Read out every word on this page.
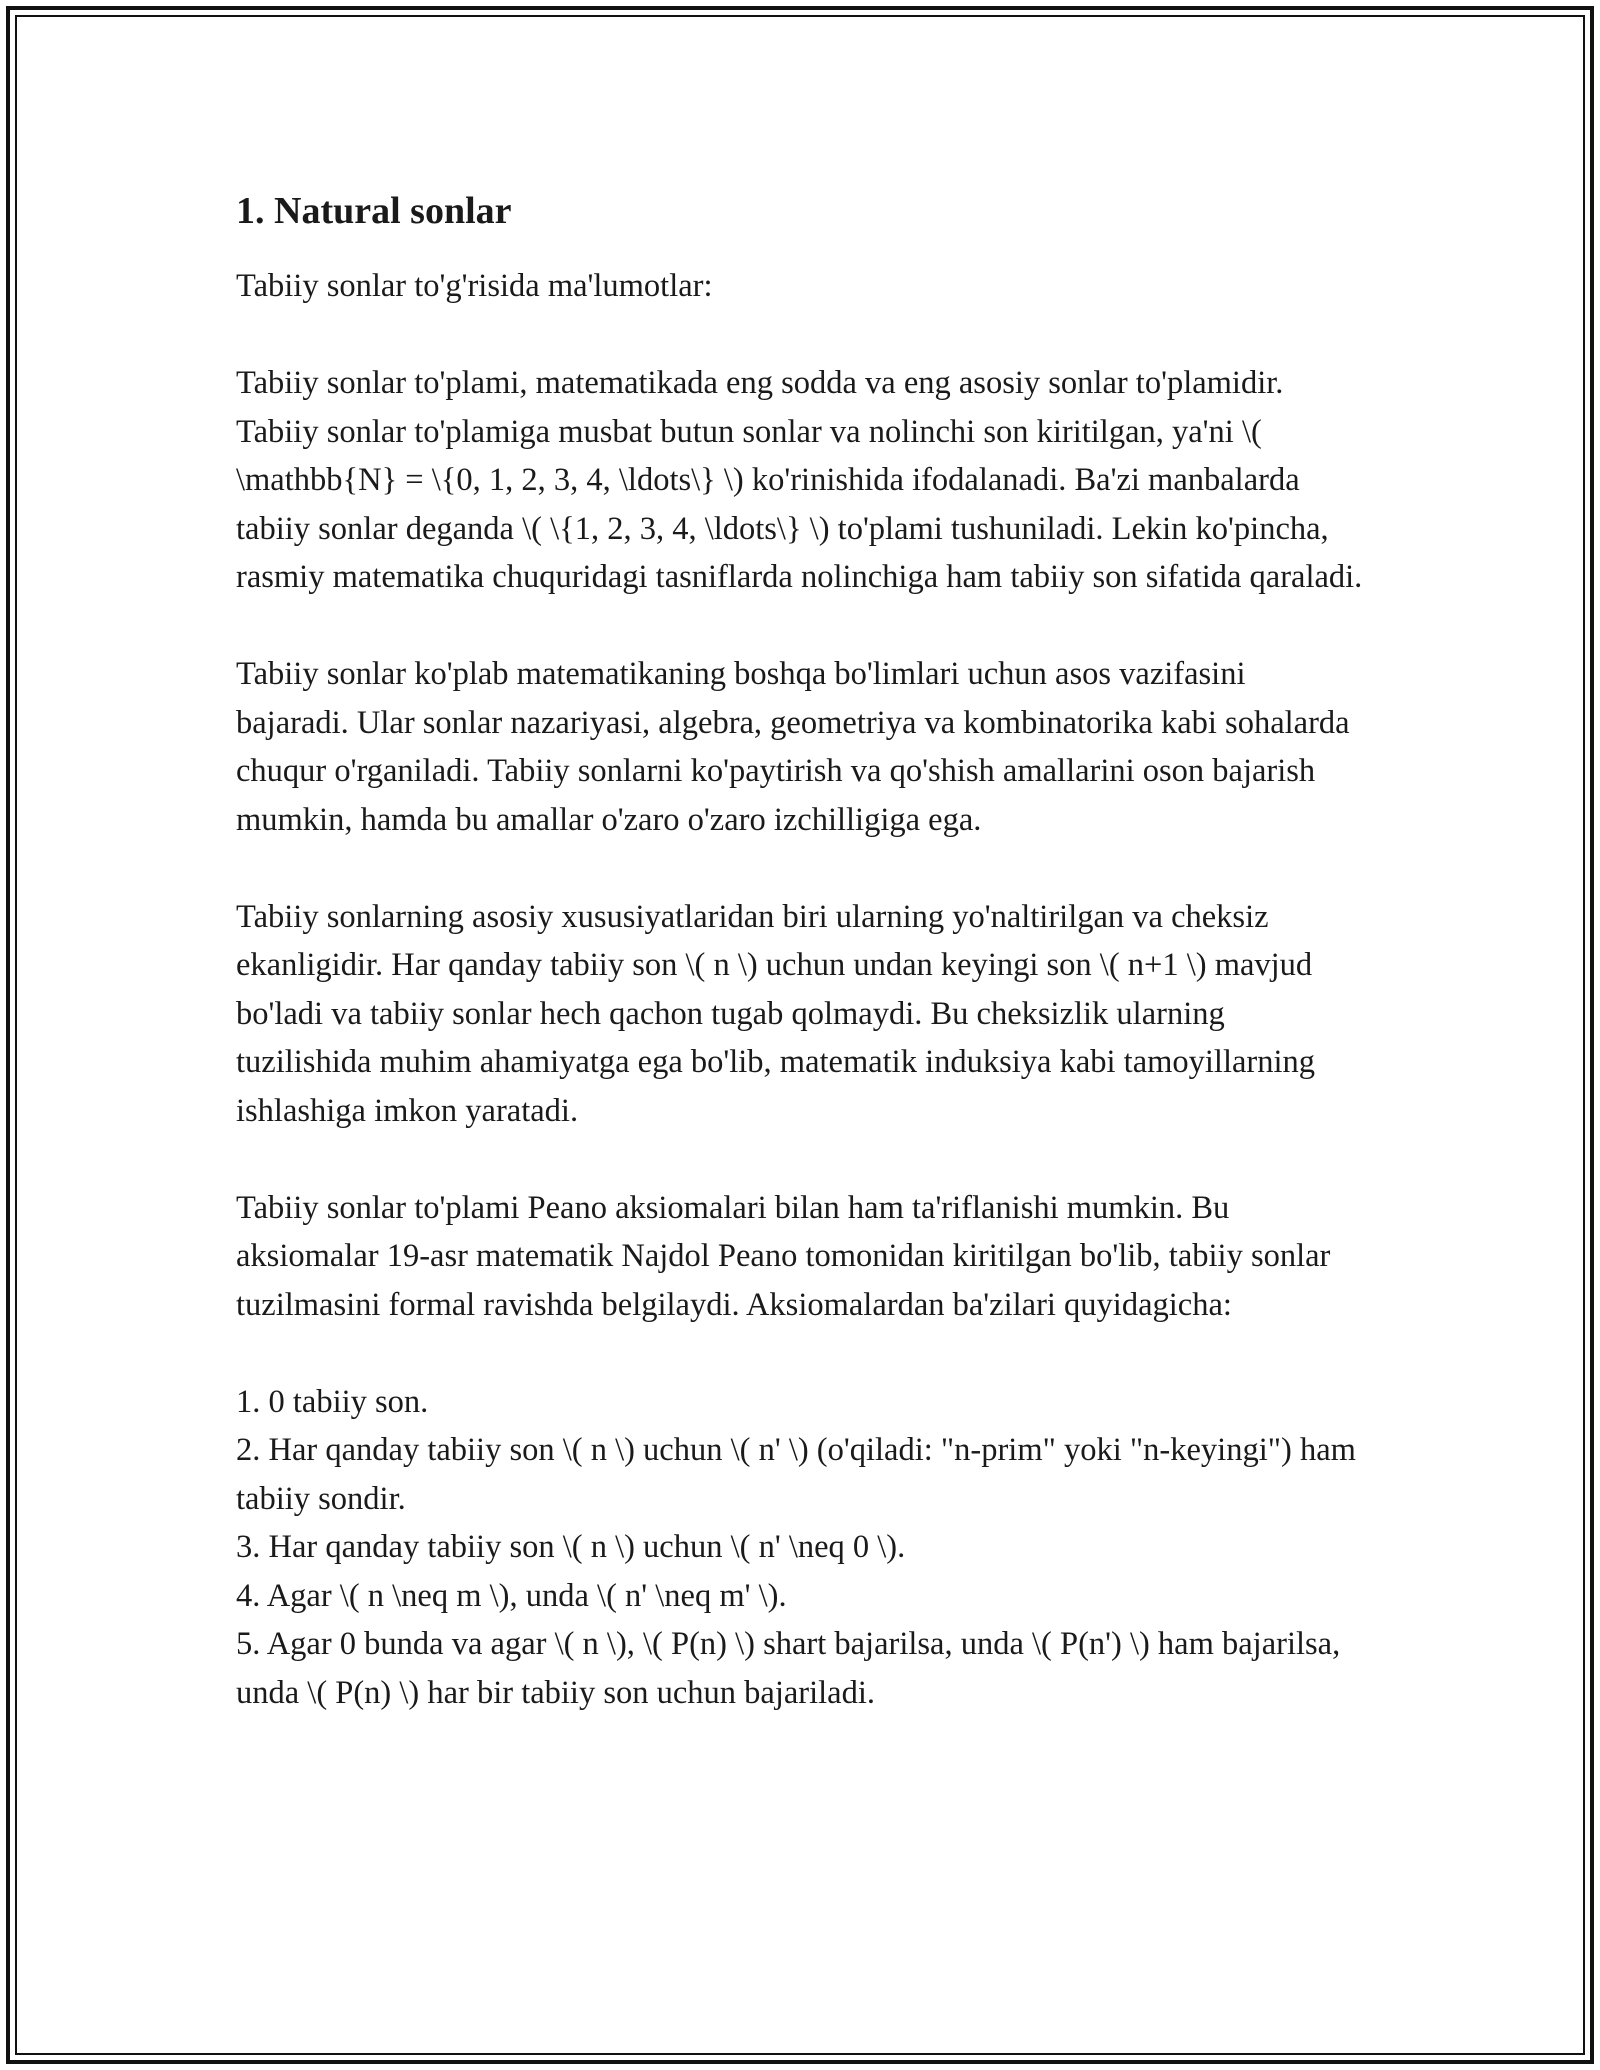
1. Natural sonlar

Tabiiy sonlar to'g'risida ma'lumotlar:

Tabiiy sonlar to'plami, matematikada eng sodda va eng asosiy sonlar to'plamidir. Tabiiy sonlar to'plamiga musbat butun sonlar va nolinchi son kiritilgan, ya'ni \( \mathbb{N} = \{0, 1, 2, 3, 4, \ldots\} \) ko'rinishida ifodalanadi. Ba'zi manbalarda tabiiy sonlar deganda \( \{1, 2, 3, 4, \ldots\} \) to'plami tushuniladi. Lekin ko'pincha, rasmiy matematika chuquridagi tasniflarda nolinchiga ham tabiiy son sifatida qaraladi.

Tabiiy sonlar ko'plab matematikaning boshqa bo'limlari uchun asos vazifasini bajaradi. Ular sonlar nazariyasi, algebra, geometriya va kombinatorika kabi sohalarda chuqur o'rganiladi. Tabiiy sonlarni ko'paytirish va qo'shish amallarini oson bajarish mumkin, hamda bu amallar o'zaro o'zaro izchilligiga ega.

Tabiiy sonlarning asosiy xususiyatlaridan biri ularning yo'naltirilgan va cheksiz ekanligidir. Har qanday tabiiy son \( n \) uchun undan keyingi son \( n+1 \) mavjud bo'ladi va tabiiy sonlar hech qachon tugab qolmaydi. Bu cheksizlik ularning tuzilishida muhim ahamiyatga ega bo'lib, matematik induksiya kabi tamoyillarning ishlashiga imkon yaratadi.

Tabiiy sonlar to'plami Peano aksiomalari bilan ham ta'riflanishi mumkin. Bu aksiomalar 19-asr matematik Najdol Peano tomonidan kiritilgan bo'lib, tabiiy sonlar tuzilmasini formal ravishda belgilaydi. Aksiomalardan ba'zilari quyidagicha:

1. 0 tabiiy son.
2. Har qanday tabiiy son \( n \) uchun \( n' \) (o'qiladi: "n-prim" yoki "n-keyingi") ham tabiiy sondir.
3. Har qanday tabiiy son \( n \) uchun \( n' \neq 0 \).
4. Agar \( n \neq m \), unda \( n' \neq m' \).
5. Agar 0 bunda va agar \( n \), \( P(n) \) shart bajarilsa, unda \( P(n') \) ham bajarilsa, unda \( P(n) \) har bir tabiiy son uchun bajariladi.
